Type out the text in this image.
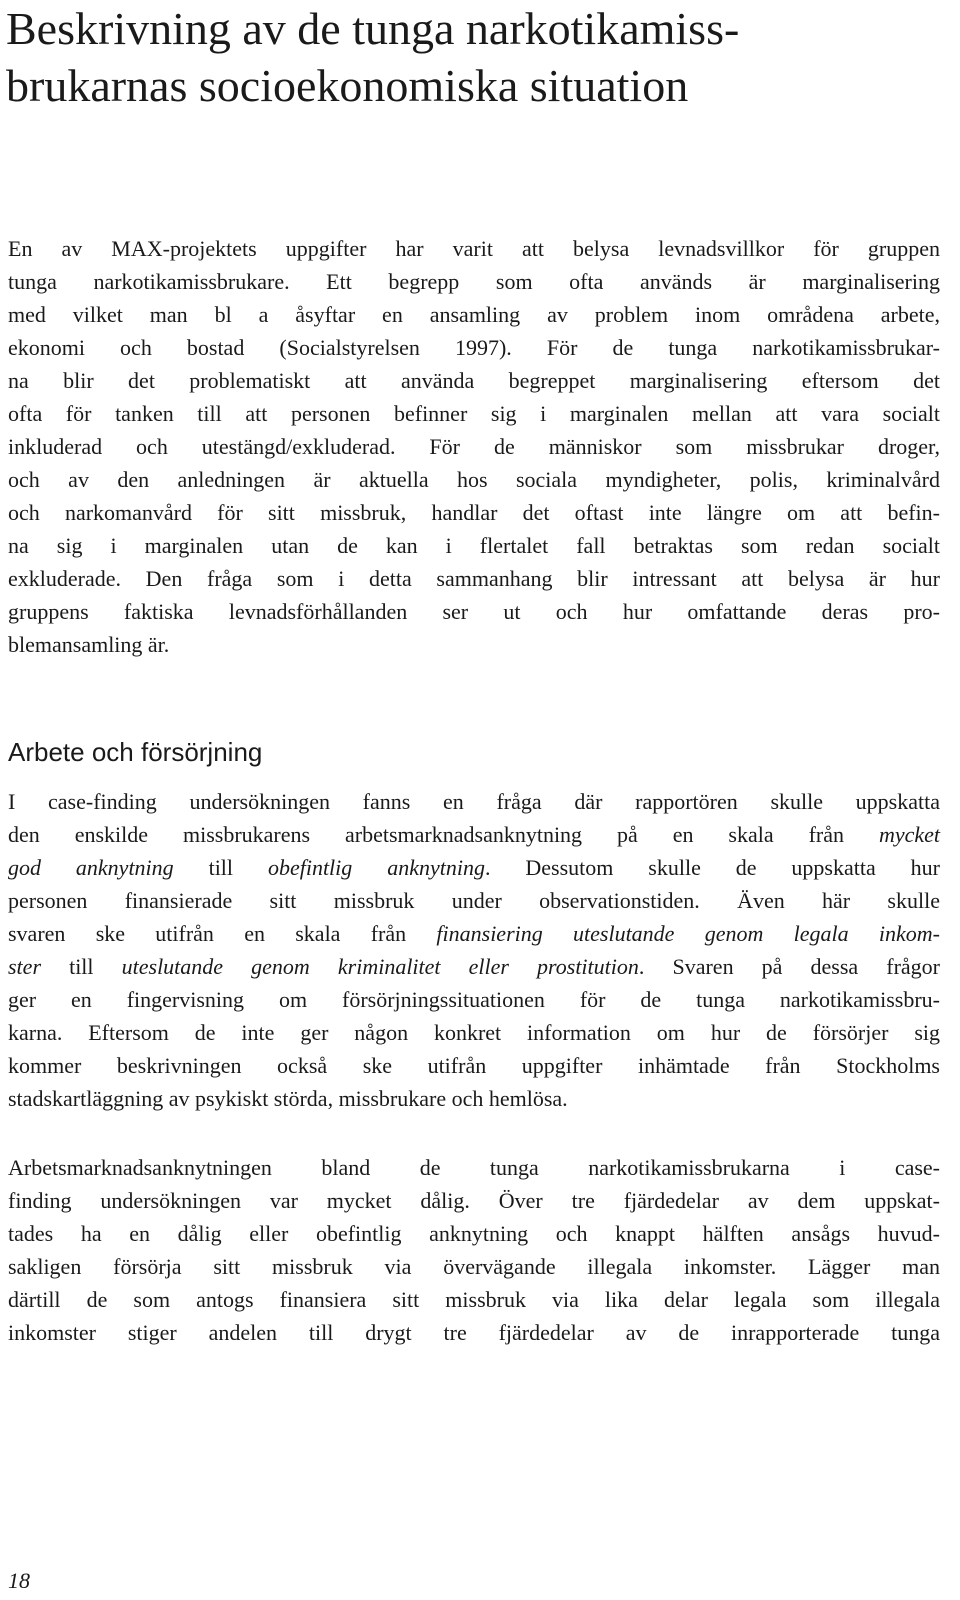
Beskrivning av de tunga narkotikamiss-
brukarnas socioekonomiska situation
En av MAX-projektets uppgifter har varit att belysa levnadsvillkor för gruppen
tunga narkotikamissbrukare. Ett begrepp som ofta används är marginalisering
med vilket man bl a åsyftar en ansamling av problem inom områdena arbete,
ekonomi och bostad (Socialstyrelsen 1997). För de tunga narkotikamissbrukar-
na blir det problematiskt att använda begreppet marginalisering eftersom det
ofta för tanken till att personen befinner sig i marginalen mellan att vara socialt
inkluderad och utestängd/exkluderad. För de människor som missbrukar droger,
och av den anledningen är aktuella hos sociala myndigheter, polis, kriminalvård
och narkomanvård för sitt missbruk, handlar det oftast inte längre om att befin-
na sig i marginalen utan de kan i flertalet fall betraktas som redan socialt
exkluderade. Den fråga som i detta sammanhang blir intressant att belysa är hur
gruppens faktiska levnadsförhållanden ser ut och hur omfattande deras pro-
blemansamling är.
Arbete och försörjning
I case-finding undersökningen fanns en fråga där rapportören skulle uppskatta
den enskilde missbrukarens arbetsmarknadsanknytning på en skala från mycket
god anknytning till obefintlig anknytning. Dessutom skulle de uppskatta hur
personen finansierade sitt missbruk under observationstiden. Även här skulle
svaren ske utifrån en skala från finansiering uteslutande genom legala inkom-
ster till uteslutande genom kriminalitet eller prostitution. Svaren på dessa frågor
ger en fingervisning om försörjningssituationen för de tunga narkotikamissbru-
karna. Eftersom de inte ger någon konkret information om hur de försörjer sig
kommer beskrivningen också ske utifrån uppgifter inhämtade från Stockholms
stadskartläggning av psykiskt störda, missbrukare och hemlösa.
Arbetsmarknadsanknytningen bland de tunga narkotikamissbrukarna i case-
finding undersökningen var mycket dålig. Över tre fjärdedelar av dem uppskat-
tades ha en dålig eller obefintlig anknytning och knappt hälften ansågs huvud-
sakligen försörja sitt missbruk via övervägande illegala inkomster. Lägger man
därtill de som antogs finansiera sitt missbruk via lika delar legala som illegala
inkomster stiger andelen till drygt tre fjärdedelar av de inrapporterade tunga
18
